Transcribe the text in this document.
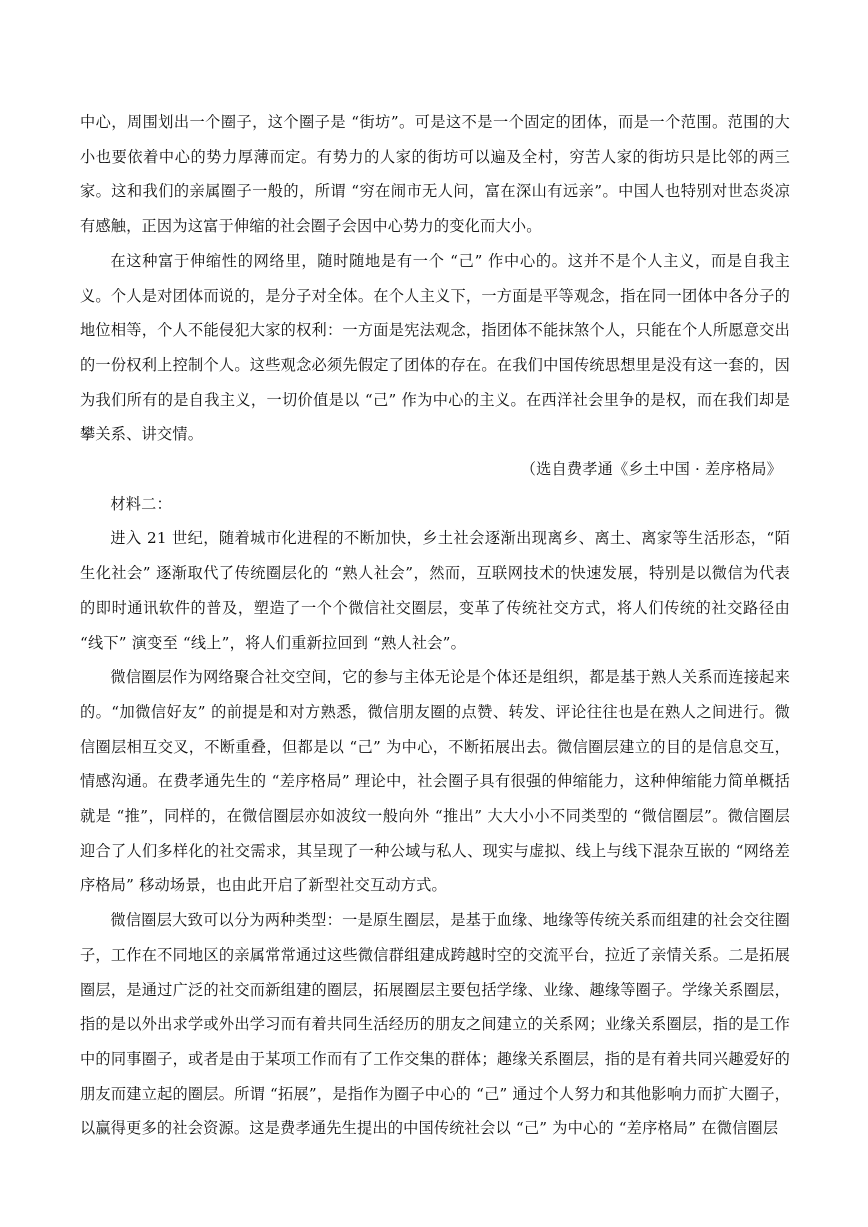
中心，周围划出一个圈子，这个圈子是 “街坊”。可是这不是一个固定的团体，而是一个范围。范围的大小也要依着中心的势力厚薄而定。有势力的人家的街坊可以遍及全村，穷苦人家的街坊只是比邻的两三家。这和我们的亲属圈子一般的，所谓 “穷在闹市无人问，富在深山有远亲”。中国人也特别对世态炎凉有感触，正因为这富于伸缩的社会圈子会因中心势力的变化而大小。

在这种富于伸缩性的网络里，随时随地是有一个 “己” 作中心的。这并不是个人主义，而是自我主义。个人是对团体而说的，是分子对全体。在个人主义下，一方面是平等观念，指在同一团体中各分子的地位相等，个人不能侵犯大家的权利：一方面是宪法观念，指团体不能抹煞个人，只能在个人所愿意交出的一份权利上控制个人。这些观念必须先假定了团体的存在。在我们中国传统思想里是没有这一套的，因为我们所有的是自我主义，一切价值是以 “己” 作为中心的主义。在西洋社会里争的是权，而在我们却是攀关系、讲交情。

（选自费孝通《乡土中国 · 差序格局》

材料二：

进入 21 世纪，随着城市化进程的不断加快，乡土社会逐渐出现离乡、离土、离家等生活形态，“陌生化社会” 逐渐取代了传统圈层化的 “熟人社会”，然而，互联网技术的快速发展，特别是以微信为代表的即时通讯软件的普及，塑造了一个个微信社交圈层，变革了传统社交方式，将人们传统的社交路径由 “线下” 演变至 “线上”，将人们重新拉回到 “熟人社会”。

微信圈层作为网络聚合社交空间，它的参与主体无论是个体还是组织，都是基于熟人关系而连接起来的。“加微信好友” 的前提是和对方熟悉，微信朋友圈的点赞、转发、评论往往也是在熟人之间进行。微信圈层相互交叉，不断重叠，但都是以 “己” 为中心，不断拓展出去。微信圈层建立的目的是信息交互，情感沟通。在费孝通先生的 “差序格局” 理论中，社会圈子具有很强的伸缩能力，这种伸缩能力简单概括就是 “推”，同样的，在微信圈层亦如波纹一般向外 “推出” 大大小小不同类型的 “微信圈层”。微信圈层迎合了人们多样化的社交需求，其呈现了一种公域与私人、现实与虚拟、线上与线下混杂互嵌的 “网络差序格局” 移动场景，也由此开启了新型社交互动方式。

微信圈层大致可以分为两种类型：一是原生圈层，是基于血缘、地缘等传统关系而组建的社会交往圈子，工作在不同地区的亲属常常通过这些微信群组建成跨越时空的交流平台，拉近了亲情关系。二是拓展圈层，是通过广泛的社交而新组建的圈层，拓展圈层主要包括学缘、业缘、趣缘等圈子。学缘关系圈层，指的是以外出求学或外出学习而有着共同生活经历的朋友之间建立的关系网；业缘关系圈层，指的是工作中的同事圈子，或者是由于某项工作而有了工作交集的群体；趣缘关系圈层，指的是有着共同兴趣爱好的朋友而建立起的圈层。所谓 “拓展”，是指作为圈子中心的 “己” 通过个人努力和其他影响力而扩大圈子，以赢得更多的社会资源。这是费孝通先生提出的中国传统社会以 “己” 为中心的 “差序格局” 在微信圈层
